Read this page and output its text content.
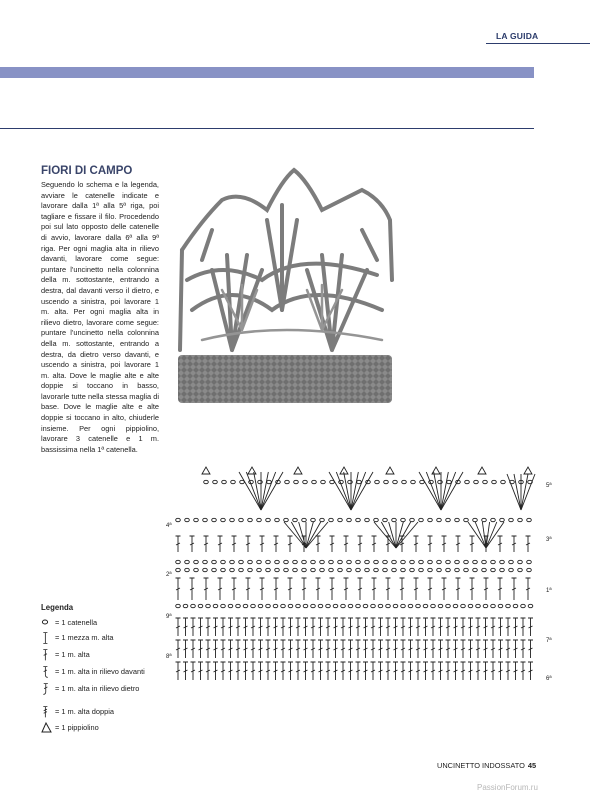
LA GUIDA
FIORI DI CAMPO
Seguendo lo schema e la legenda, avviare le catenelle indicate e lavorare dalla 1ª alla 5ª riga, poi tagliare e fissare il filo. Procedendo poi sul lato opposto delle catenelle di avvio, lavorare dalla 6ª alla 9ª riga. Per ogni maglia alta in rilievo davanti, lavorare come segue: puntare l'uncinetto nella colonnina della m. sottostante, entrando a destra, dal davanti verso il dietro, e uscendo a sinistra, poi lavorare 1 m. alta. Per ogni maglia alta in rilievo dietro, lavorare come segue: puntare l'uncinetto nella colonnina della m. sottostante, entrando a destra, da dietro verso davanti, e uscendo a sinistra, poi lavorare 1 m. alta. Dove le maglie alte e alte doppie si toccano in basso, lavorarle tutte nella stessa maglia di base. Dove le maglie alte e alte doppie si toccano in alto, chiuderle insieme. Per ogni pippiolino, lavorare 3 catenelle e 1 m. bassissima nella 1ª catenella.
5ª
3ª
1ª
7ª
6ª
4ª
2ª
9ª
8ª
Legenda
= 1 catenella
= 1 mezza m. alta
= 1 m. alta
= 1 m. alta in rilievo davanti
= 1 m. alta in rilievo dietro
= 1 m. alta doppia
= 1 pippiolino
UNCINETTO INDOSSATO 45
PassionForum.ru
